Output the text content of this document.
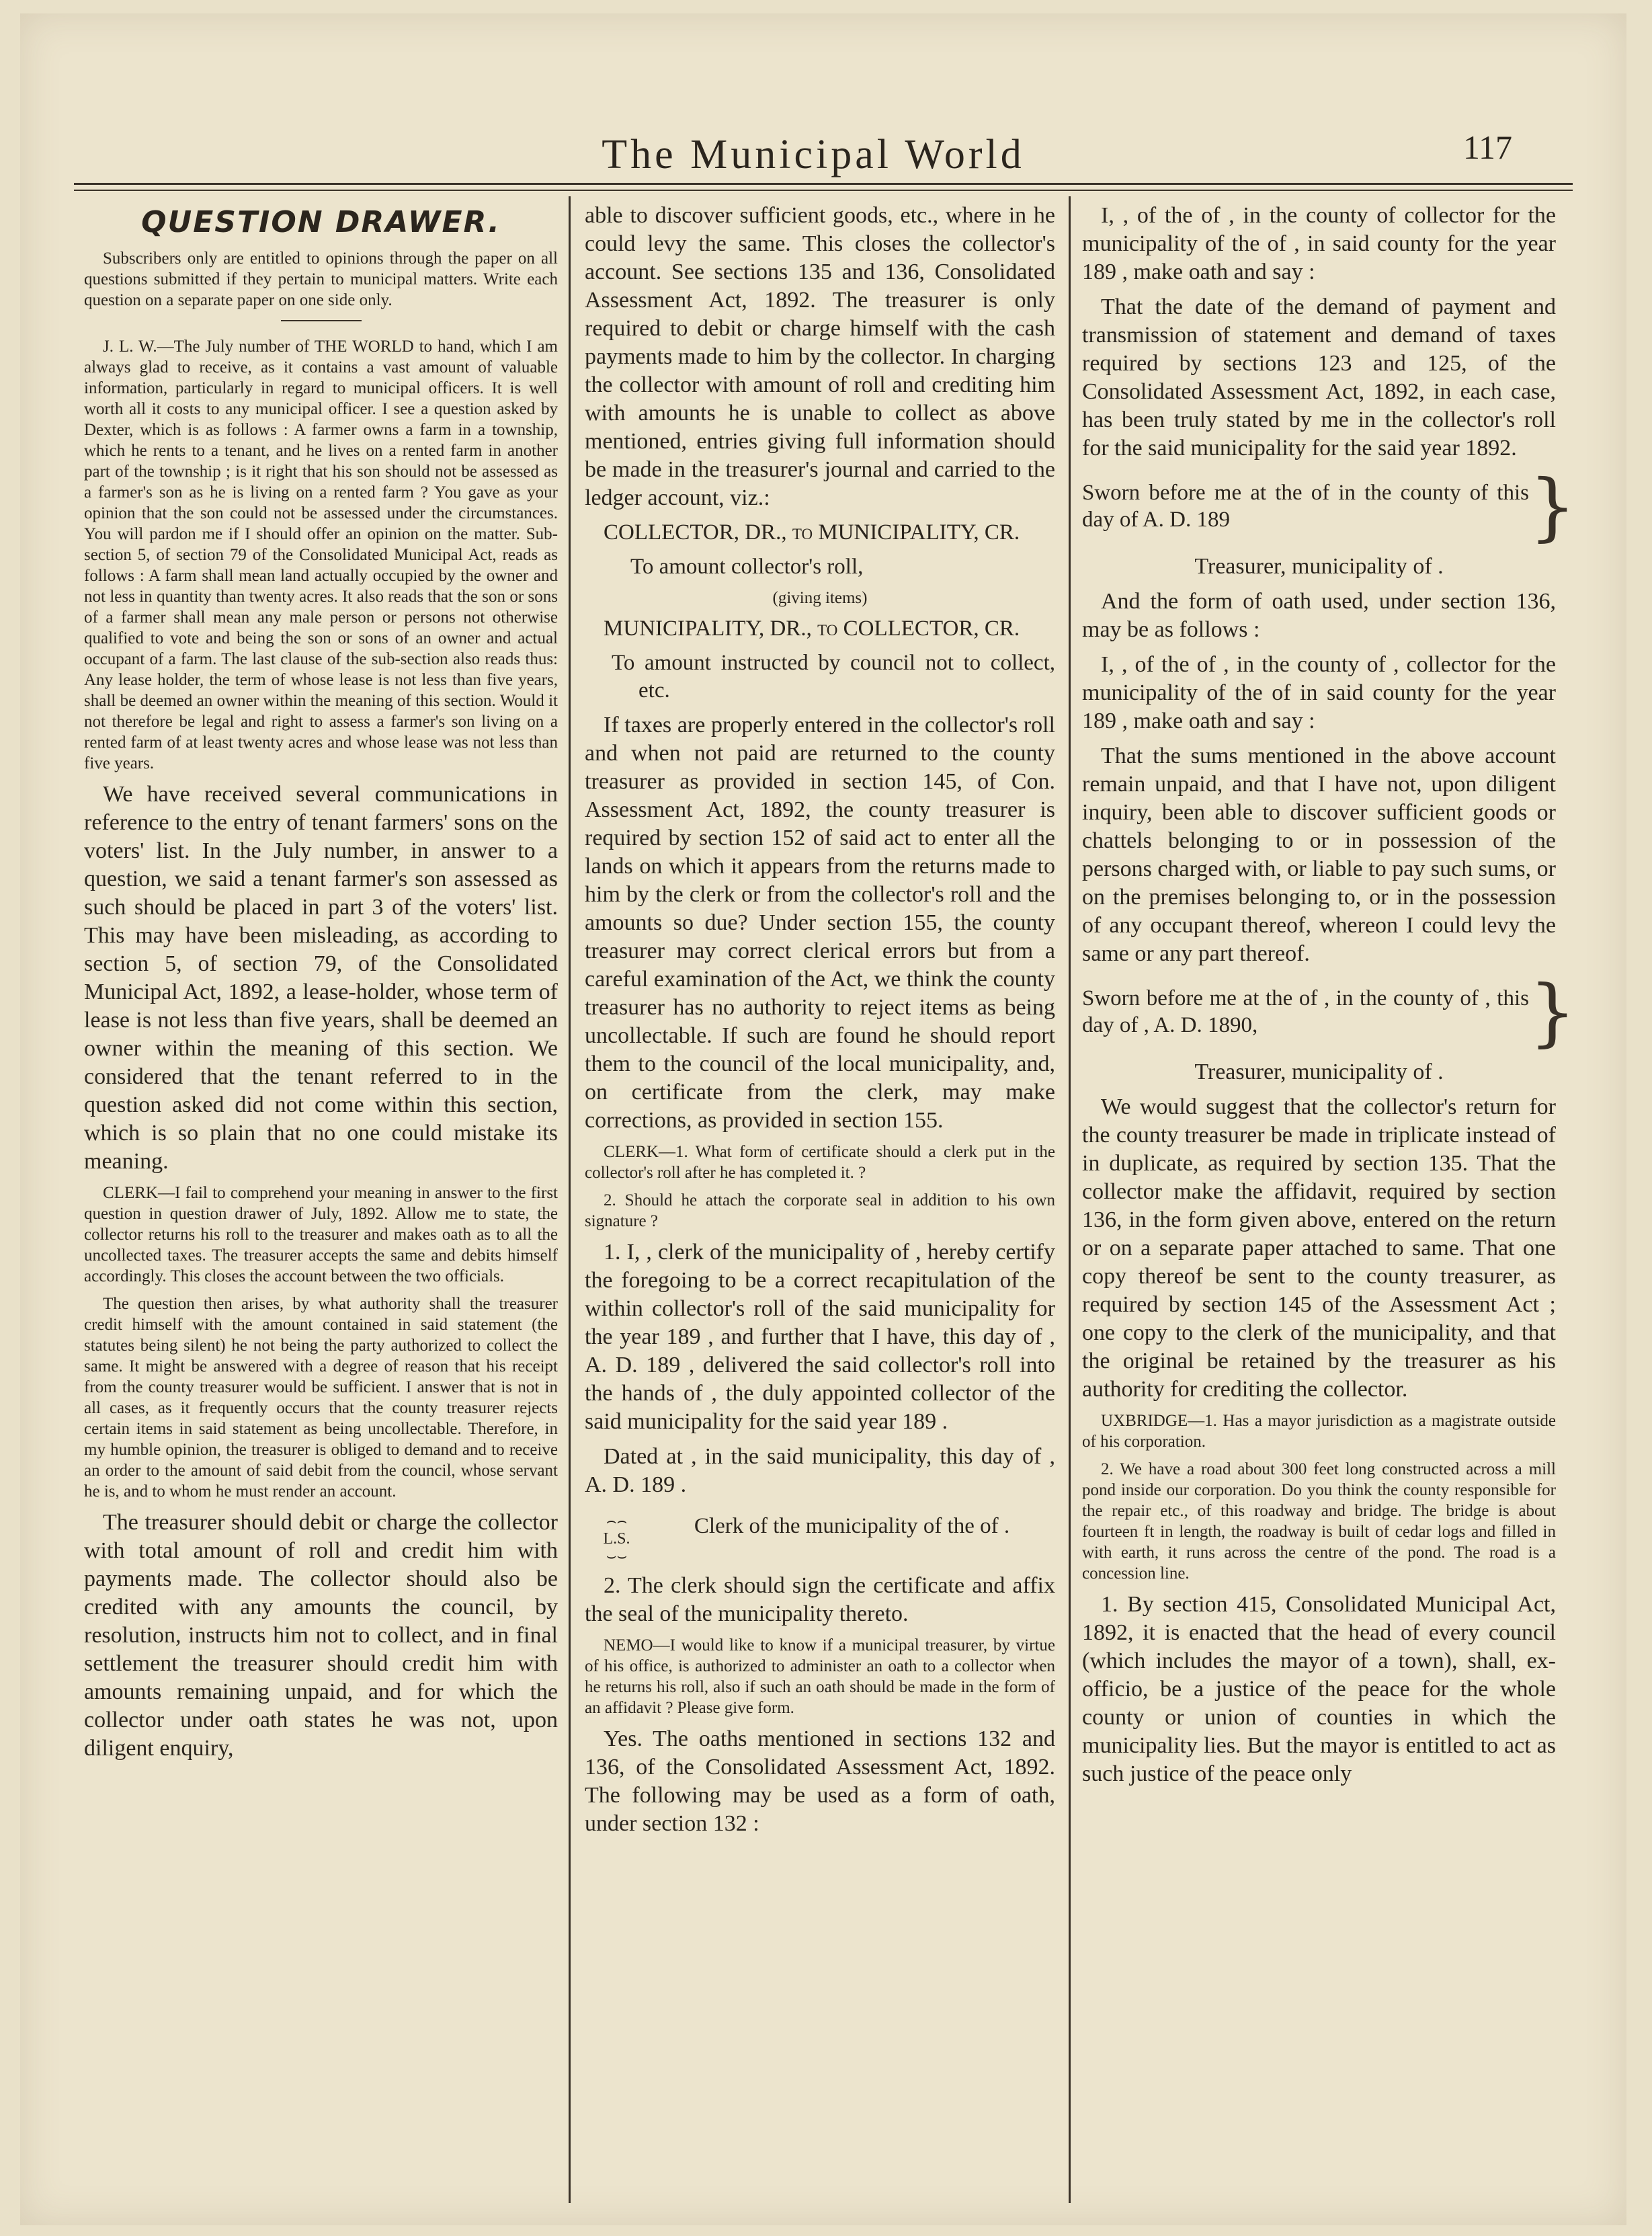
The Municipal World	117
QUESTION DRAWER.

Subscribers only are entitled to opinions through the paper on all questions submitted if they pertain to municipal matters. Write each question on a separate paper on one side only.

J. L. W.—The July number of THE WORLD to hand, which I am always glad to receive, as it contains a vast amount of valuable information, particularly in regard to municipal officers. It is well worth all it costs to any municipal officer. I see a question asked by Dexter, which is as follows : A farmer owns a farm in a township, which he rents to a tenant, and he lives on a rented farm in another part of the township ; is it right that his son should not be assessed as a farmer's son as he is living on a rented farm ? You gave as your opinion that the son could not be assessed under the circumstances. You will pardon me if I should offer an opinion on the matter. Sub-section 5, of section 79 of the Consolidated Municipal Act, reads as follows : A farm shall mean land actually occupied by the owner and not less in quantity than twenty acres. It also reads that the son or sons of a farmer shall mean any male person or persons not otherwise qualified to vote and being the son or sons of an owner and actual occupant of a farm. The last clause of the sub-section also reads thus: Any lease holder, the term of whose lease is not less than five years, shall be deemed an owner within the meaning of this section. Would it not therefore be legal and right to assess a farmer's son living on a rented farm of at least twenty acres and whose lease was not less than five years.

We have received several communications in reference to the entry of tenant farmers' sons on the voters' list. In the July number, in answer to a question, we said a tenant farmer's son assessed as such should be placed in part 3 of the voters' list. This may have been misleading, as according to section 5, of section 79, of the Consolidated Municipal Act, 1892, a lease-holder, whose term of lease is not less than five years, shall be deemed an owner within the meaning of this section. We considered that the tenant referred to in the question asked did not come within this section, which is so plain that no one could mistake its meaning.

CLERK—I fail to comprehend your meaning in answer to the first question in question drawer of July, 1892. Allow me to state, the collector returns his roll to the treasurer and makes oath as to all the uncollected taxes. The treasurer accepts the same and debits himself accordingly. This closes the account between the two officials.

The question then arises, by what authority shall the treasurer credit himself with the amount contained in said statement (the statutes being silent) he not being the party authorized to collect the same. It might be answered with a degree of reason that his receipt from the county treasurer would be sufficient. I answer that is not in all cases, as it frequently occurs that the county treasurer rejects certain items in said statement as being uncollectable. Therefore, in my humble opinion, the treasurer is obliged to demand and to receive an order to the amount of said debit from the council, whose servant he is, and to whom he must render an account.

The treasurer should debit or charge the collector with total amount of roll and credit him with payments made. The collector should also be credited with any amounts the council, by resolution, instructs him not to collect, and in final settlement the treasurer should credit him with amounts remaining unpaid, and for which the collector under oath states he was not, upon diligent enquiry,

able to discover sufficient goods, etc., where in he could levy the same. This closes the collector's account. See sections 135 and 136, Consolidated Assessment Act, 1892. The treasurer is only required to debit or charge himself with the cash payments made to him by the collector. In charging the collector with amount of roll and crediting him with amounts he is unable to collect as above mentioned, entries giving full information should be made in the treasurer's journal and carried to the ledger account, viz.:

COLLECTOR, DR., to MUNICIPALITY, CR.

To amount collector's roll,

(giving items)

MUNICIPALITY, DR., to COLLECTOR, CR.

To amount instructed by council not to collect, etc.

If taxes are properly entered in the collector's roll and when not paid are returned to the county treasurer as provided in section 145, of Con. Assessment Act, 1892, the county treasurer is required by section 152 of said act to enter all the lands on which it appears from the returns made to him by the clerk or from the collector's roll and the amounts so due? Under section 155, the county treasurer may correct clerical errors but from a careful examination of the Act, we think the county treasurer has no authority to reject items as being uncollectable. If such are found he should report them to the council of the local municipality, and, on certificate from the clerk, may make corrections, as provided in section 155.

CLERK—1. What form of certificate should a clerk put in the collector's roll after he has completed it. ?

2. Should he attach the corporate seal in addition to his own signature ?

1. I, , clerk of the municipality of , hereby certify the foregoing to be a correct recapitulation of the within collector's roll of the said municipality for the year 189 , and further that I have, this day of , A. D. 189 , delivered the said collector's roll into the hands of , the duly appointed collector of the said municipality for the said year 189 .

Dated at , in the said municipality, this day of , A. D. 189 .

⌢⌢
L.S.
⌣⌣
Clerk of the municipality of the of .

2. The clerk should sign the certificate and affix the seal of the municipality thereto.

NEMO—I would like to know if a municipal treasurer, by virtue of his office, is authorized to administer an oath to a collector when he returns his roll, also if such an oath should be made in the form of an affidavit ? Please give form.

Yes. The oaths mentioned in sections 132 and 136, of the Consolidated Assessment Act, 1892. The following may be used as a form of oath, under section 132 :

I, , of the of , in the county of collector for the municipality of the of , in said county for the year 189 , make oath and say :

That the date of the demand of payment and transmission of statement and demand of taxes required by sections 123 and 125, of the Consolidated Assessment Act, 1892, in each case, has been truly stated by me in the collector's roll for the said municipality for the said year 1892.

Sworn before me at the of in the county of this day of A. D. 189	}

Treasurer, municipality of .

And the form of oath used, under section 136, may be as follows :

I, , of the of , in the county of , collector for the municipality of the of in said county for the year 189 , make oath and say :

That the sums mentioned in the above account remain unpaid, and that I have not, upon diligent inquiry, been able to discover sufficient goods or chattels belonging to or in possession of the persons charged with, or liable to pay such sums, or on the premises belonging to, or in the possession of any occupant thereof, whereon I could levy the same or any part thereof.

Sworn before me at the of , in the county of , this day of , A. D. 1890,	}

Treasurer, municipality of .

We would suggest that the collector's return for the county treasurer be made in triplicate instead of in duplicate, as required by section 135. That the collector make the affidavit, required by section 136, in the form given above, entered on the return or on a separate paper attached to same. That one copy thereof be sent to the county treasurer, as required by section 145 of the Assessment Act ; one copy to the clerk of the municipality, and that the original be retained by the treasurer as his authority for crediting the collector.

UXBRIDGE—1. Has a mayor jurisdiction as a magistrate outside of his corporation.

2. We have a road about 300 feet long constructed across a mill pond inside our corporation. Do you think the county responsible for the repair etc., of this roadway and bridge. The bridge is about fourteen ft in length, the roadway is built of cedar logs and filled in with earth, it runs across the centre of the pond. The road is a concession line.

1. By section 415, Consolidated Municipal Act, 1892, it is enacted that the head of every council (which includes the mayor of a town), shall, ex-officio, be a justice of the peace for the whole county or union of counties in which the municipality lies. But the mayor is entitled to act as such justice of the peace only
